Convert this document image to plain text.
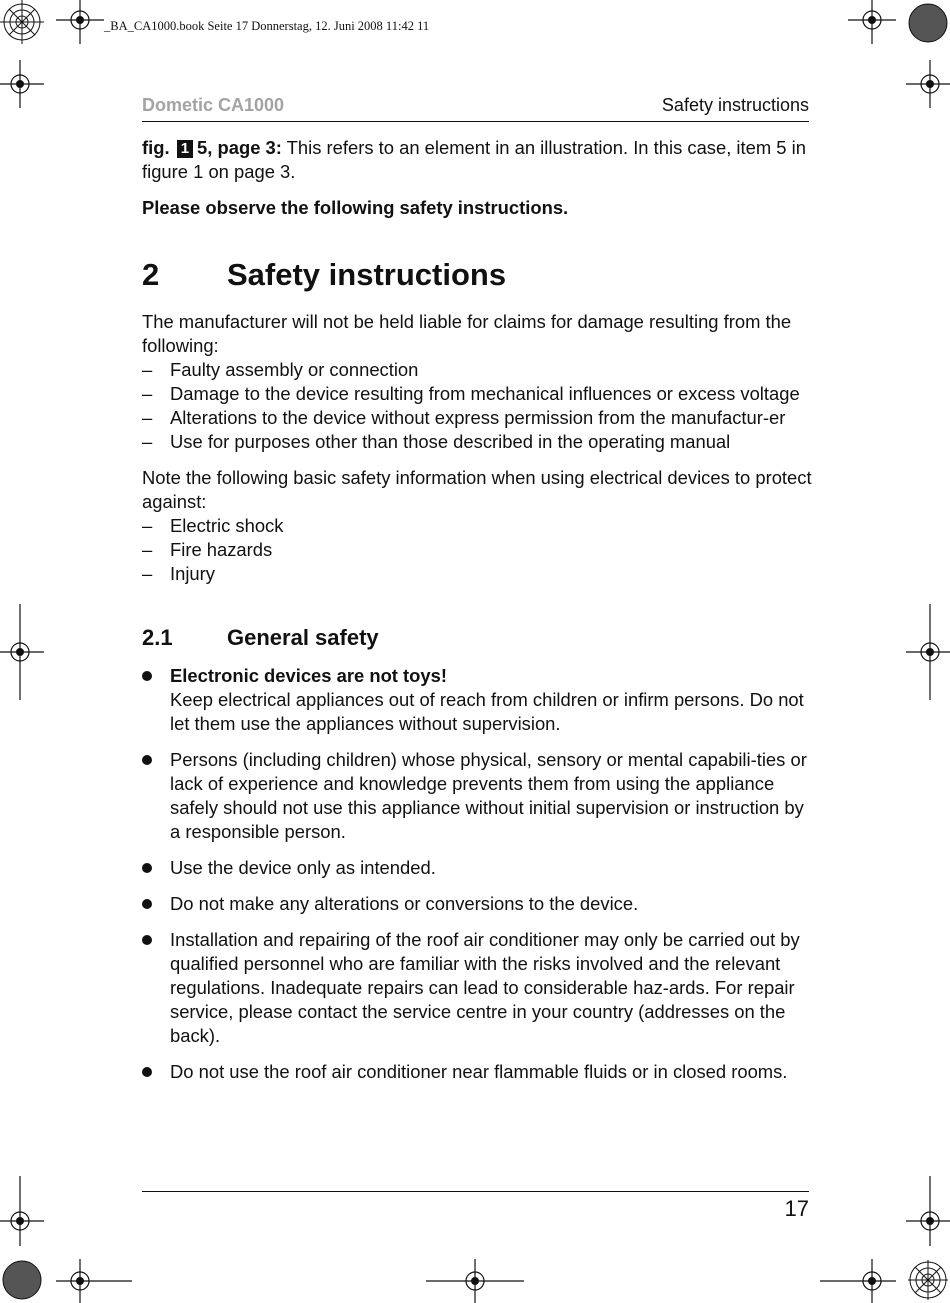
_BA_CA1000.book Seite 17 Donnerstag, 12. Juni 2008 11:42 11
Dometic CA1000	Safety instructions

fig. 1 5, page 3: This refers to an element in an illustration. In this case, item 5 in figure 1 on page 3.

Please observe the following safety instructions.

2	Safety instructions

The manufacturer will not be held liable for claims for damage resulting from the following:

– Faulty assembly or connection
– Damage to the device resulting from mechanical influences or excess voltage
– Alterations to the device without express permission from the manufactur-er
– Use for purposes other than those described in the operating manual

Note the following basic safety information when using electrical devices to protect against:

– Electric shock
– Fire hazards
– Injury
2.1	General safety
Electronic devices are not toys!
Keep electrical appliances out of reach from children or infirm persons. Do not let them use the appliances without supervision.
Persons (including children) whose physical, sensory or mental capabili-ties or lack of experience and knowledge prevents them from using the appliance safely should not use this appliance without initial supervision or instruction by a responsible person.
Use the device only as intended.
Do not make any alterations or conversions to the device.
Installation and repairing of the roof air conditioner may only be carried out by qualified personnel who are familiar with the risks involved and the relevant regulations. Inadequate repairs can lead to considerable haz-ards. For repair service, please contact the service centre in your country (addresses on the back).
Do not use the roof air conditioner near flammable fluids or in closed rooms.
17
